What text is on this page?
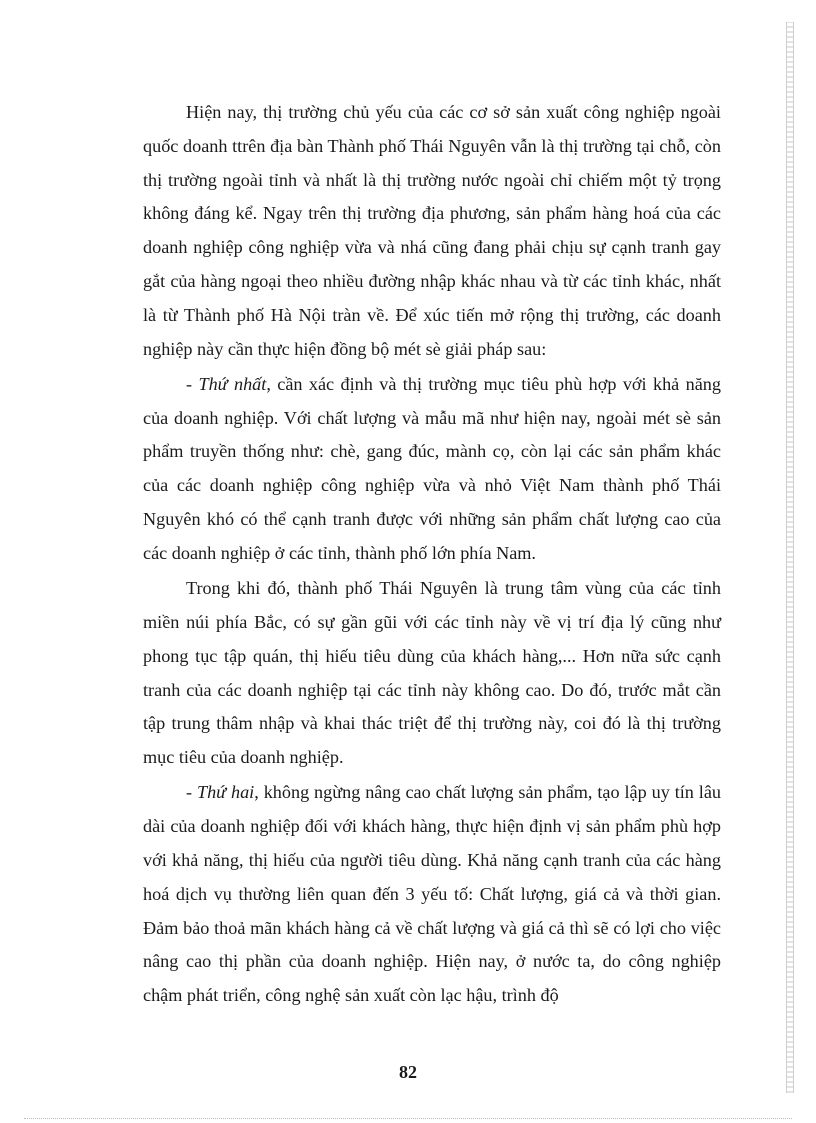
Hiện nay, thị trường chủ yếu của các cơ sở sản xuất công nghiệp ngoài quốc doanh ttrên địa bàn Thành phố Thái Nguyên vẫn là thị trường tại chỗ, còn thị trường ngoài tỉnh và nhất là thị trường nước ngoài chỉ chiếm một tỷ trọng không đáng kể. Ngay trên thị trường địa phương, sản phẩm hàng hoá của các doanh nghiệp công nghiệp vừa và nhá cũng đang phải chịu sự cạnh tranh gay gắt của hàng ngoại theo nhiều đường nhập khác nhau và từ các tỉnh khác, nhất là từ Thành phố Hà Nội tràn về. Để xúc tiến mở rộng thị trường, các doanh nghiệp này cần thực hiện đồng bộ mét sè giải pháp sau:

- Thứ nhất, cần xác định và thị trường mục tiêu phù hợp với khả năng của doanh nghiệp. Với chất lượng và mẫu mã như hiện nay, ngoài mét sè sản phẩm truyền thống như: chè, gang đúc, mành cọ, còn lại các sản phẩm khác của các doanh nghiệp công nghiệp vừa và nhỏ Việt Nam thành phố Thái Nguyên khó có thể cạnh tranh được với những sản phẩm chất lượng cao của các doanh nghiệp ở các tỉnh, thành phố lớn phía Nam.

Trong khi đó, thành phố Thái Nguyên là trung tâm vùng của các tỉnh miền núi phía Bắc, có sự gần gũi với các tỉnh này về vị trí địa lý cũng như phong tục tập quán, thị hiếu tiêu dùng của khách hàng,... Hơn nữa sức cạnh tranh của các doanh nghiệp tại các tỉnh này không cao. Do đó, trước mắt cần tập trung thâm nhập và khai thác triệt để thị trường này, coi đó là thị trường mục tiêu của doanh nghiệp.

- Thứ hai, không ngừng nâng cao chất lượng sản phẩm, tạo lập uy tín lâu dài của doanh nghiệp đối với khách hàng, thực hiện định vị sản phẩm phù hợp với khả năng, thị hiếu của người tiêu dùng. Khả năng cạnh tranh của các hàng hoá dịch vụ thường liên quan đến 3 yếu tố: Chất lượng, giá cả và thời gian. Đảm bảo thoả mãn khách hàng cả về chất lượng và giá cả thì sẽ có lợi cho việc nâng cao thị phần của doanh nghiệp. Hiện nay, ở nước ta, do công nghiệp chậm phát triển, công nghệ sản xuất còn lạc hậu, trình độ

82
